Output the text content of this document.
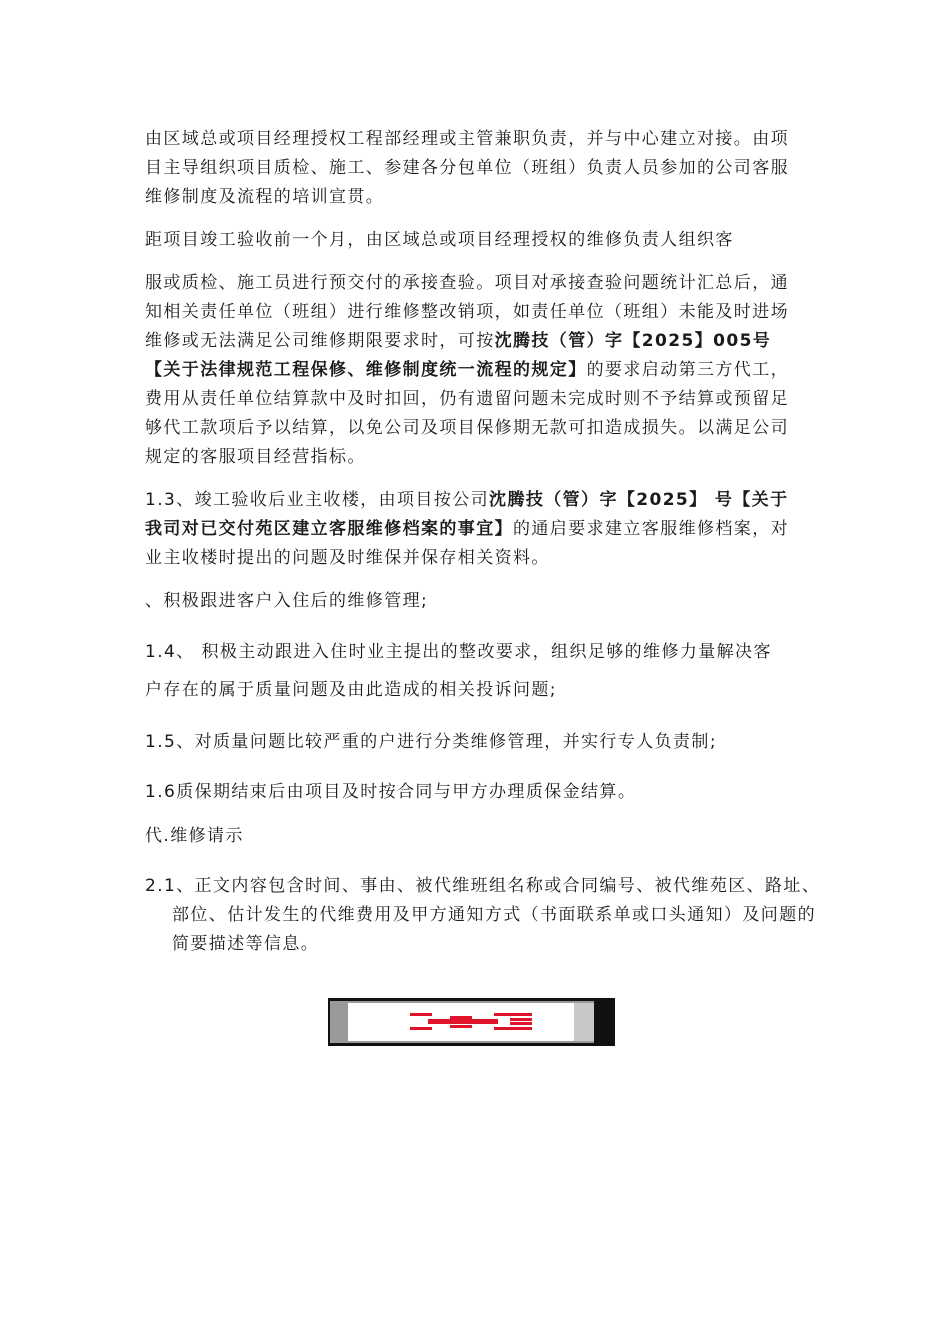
由区域总或项目经理授权工程部经理或主管兼职负责，并与中心建立对接。由项目主导组织项目质检、施工、参建各分包单位（班组）负责人员参加的公司客服维修制度及流程的培训宣贯。

距项目竣工验收前一个月，由区域总或项目经理授权的维修负责人组织客

服或质检、施工员进行预交付的承接查验。项目对承接查验问题统计汇总后，通知相关责任单位（班组）进行维修整改销项，如责任单位（班组）未能及时进场维修或无法满足公司维修期限要求时，可按沈腾技（管）字【2025】005号【关于法律规范工程保修、维修制度统一流程的规定】的要求启动第三方代工，费用从责任单位结算款中及时扣回，仍有遗留问题未完成时则不予结算或预留足够代工款项后予以结算，以免公司及项目保修期无款可扣造成损失。以满足公司规定的客服项目经营指标。

1.3、竣工验收后业主收楼，由项目按公司沈腾技（管）字【2025】 号【关于我司对已交付苑区建立客服维修档案的事宜】的通启要求建立客服维修档案，对业主收楼时提出的问题及时维保并保存相关资料。

、积极跟进客户入住后的维修管理;

1.4、 积极主动跟进入住时业主提出的整改要求，组织足够的维修力量解决客

户存在的属于质量问题及由此造成的相关投诉问题;

1.5、对质量问题比较严重的户进行分类维修管理，并实行专人负责制;

1.6质保期结束后由项目及时按合同与甲方办理质保金结算。

代.维修请示

2.1、正文内容包含时间、事由、被代维班组名称或合同编号、被代维苑区、路址、部位、估计发生的代维费用及甲方通知方式（书面联系单或口头通知）及问题的简要描述等信息。
